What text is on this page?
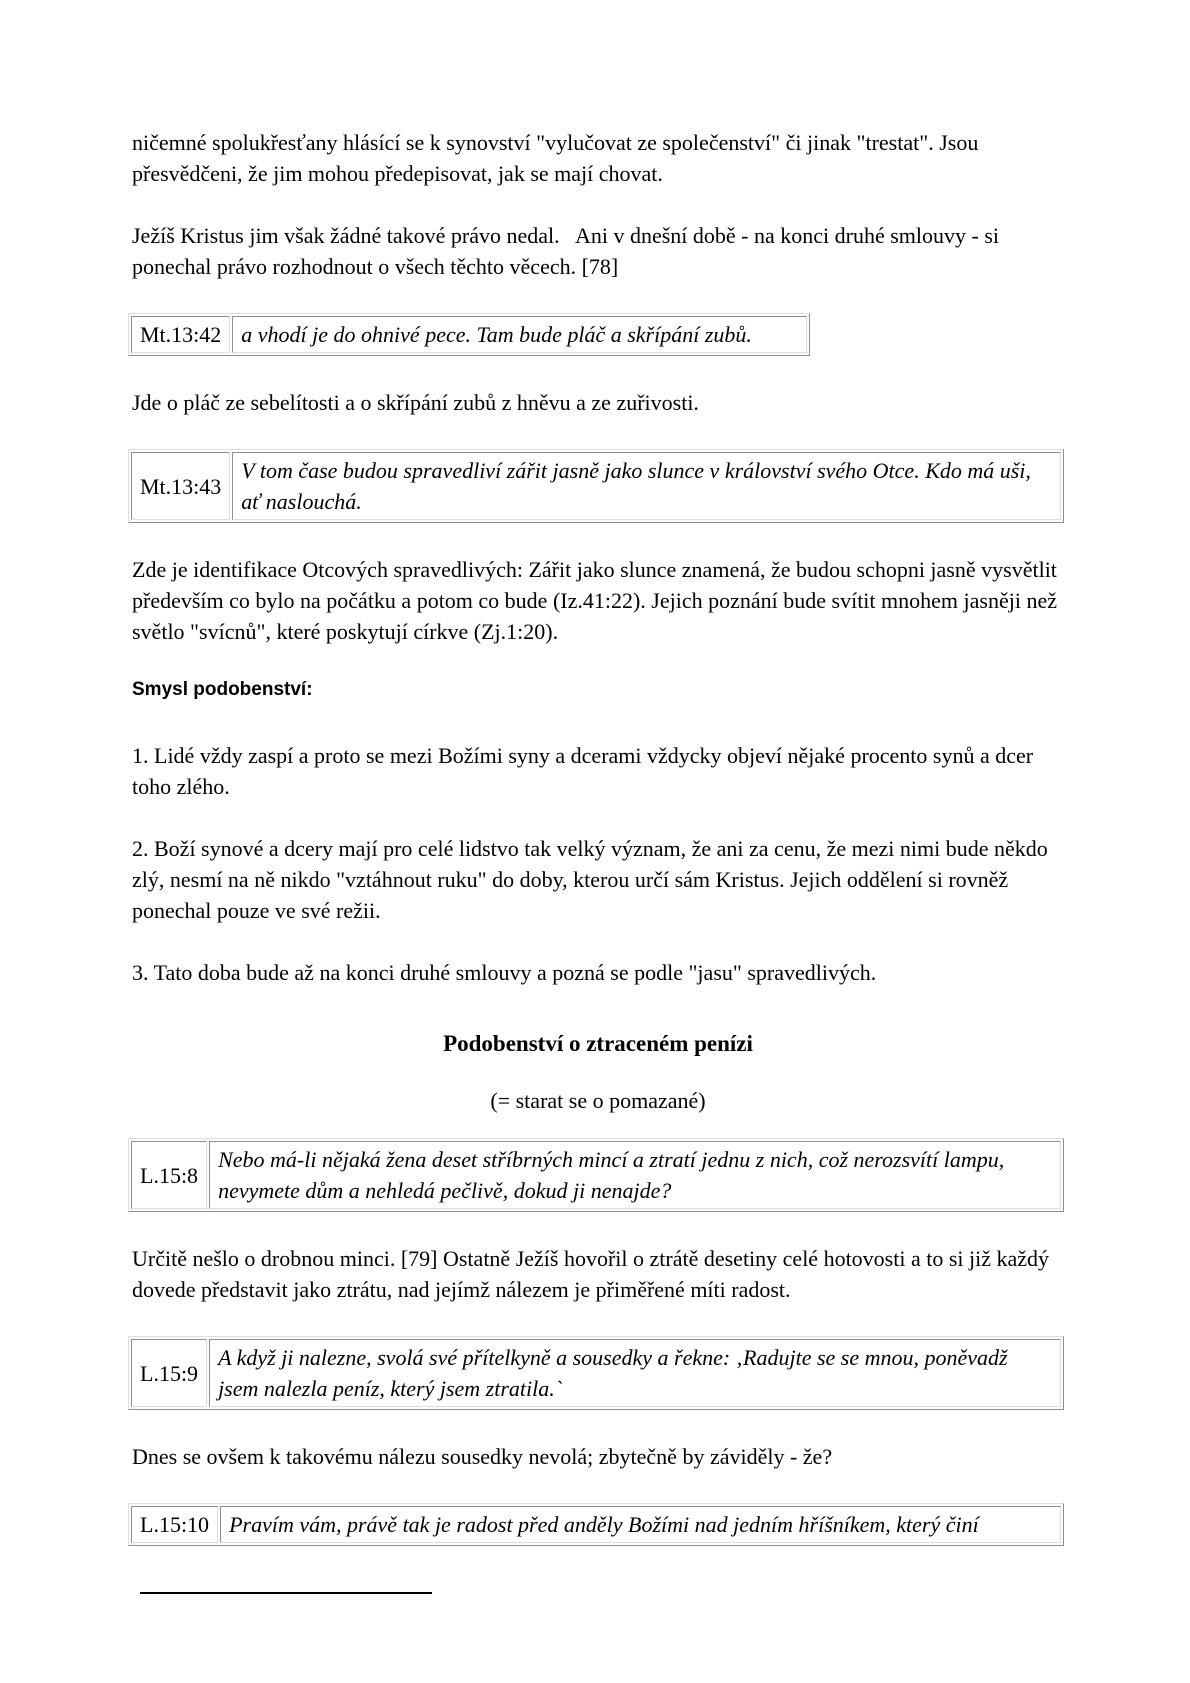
ničemné spolukřesťany hlásící se k synovství "vylučovat ze společenství" či jinak "trestat". Jsou přesvědčeni, že jim mohou předepisovat, jak se mají chovat.

Ježíš Kristus jim však žádné takové právo nedal.   Ani v dnešní době - na konci druhé smlouvy - si ponechal právo rozhodnout o všech těchto věcech. [78]

Mt.13:42	a vhodí je do ohnivé pece. Tam bude pláč a skřípání zubů.

Jde o pláč ze sebelítosti a o skřípání zubů z hněvu a ze zuřivosti.

Mt.13:43	V tom čase budou spravedliví zářit jasně jako slunce v království svého Otce. Kdo má uši, ať naslouchá.

Zde je identifikace Otcových spravedlivých: Zářit jako slunce znamená, že budou schopni jasně vysvětlit především co bylo na počátku a potom co bude (Iz.41:22). Jejich poznání bude svítit mnohem jasněji než světlo "svícnů", které poskytují církve (Zj.1:20).

Smysl podobenství:

1. Lidé vždy zaspí a proto se mezi Božími syny a dcerami vždycky objeví nějaké procento synů a dcer toho zlého.

2. Boží synové a dcery mají pro celé lidstvo tak velký význam, že ani za cenu, že mezi nimi bude někdo zlý, nesmí na ně nikdo "vztáhnout ruku" do doby, kterou určí sám Kristus. Jejich oddělení si rovněž ponechal pouze ve své režii.

3. Tato doba bude až na konci druhé smlouvy a pozná se podle "jasu" spravedlivých.

Podobenství o ztraceném penízi

(= starat se o pomazané)

L.15:8	Nebo má-li nějaká žena deset stříbrných mincí a ztratí jednu z nich, což nerozsvítí lampu, nevymete dům a nehledá pečlivě, dokud ji nenajde?

Určitě nešlo o drobnou minci. [79] Ostatně Ježíš hovořil o ztrátě desetiny celé hotovosti a to si již každý dovede představit jako ztrátu, nad jejímž nálezem je přiměřené míti radost.

L.15:9	A když ji nalezne, svolá své přítelkyně a sousedky a řekne: ‚Radujte se se mnou, poněvadž jsem nalezla peníz, který jsem ztratila.`

Dnes se ovšem k takovému nálezu sousedky nevolá; zbytečně by záviděly - že?

L.15:10	Pravím vám, právě tak je radost před anděly Božími nad jedním hříšníkem, který činí
